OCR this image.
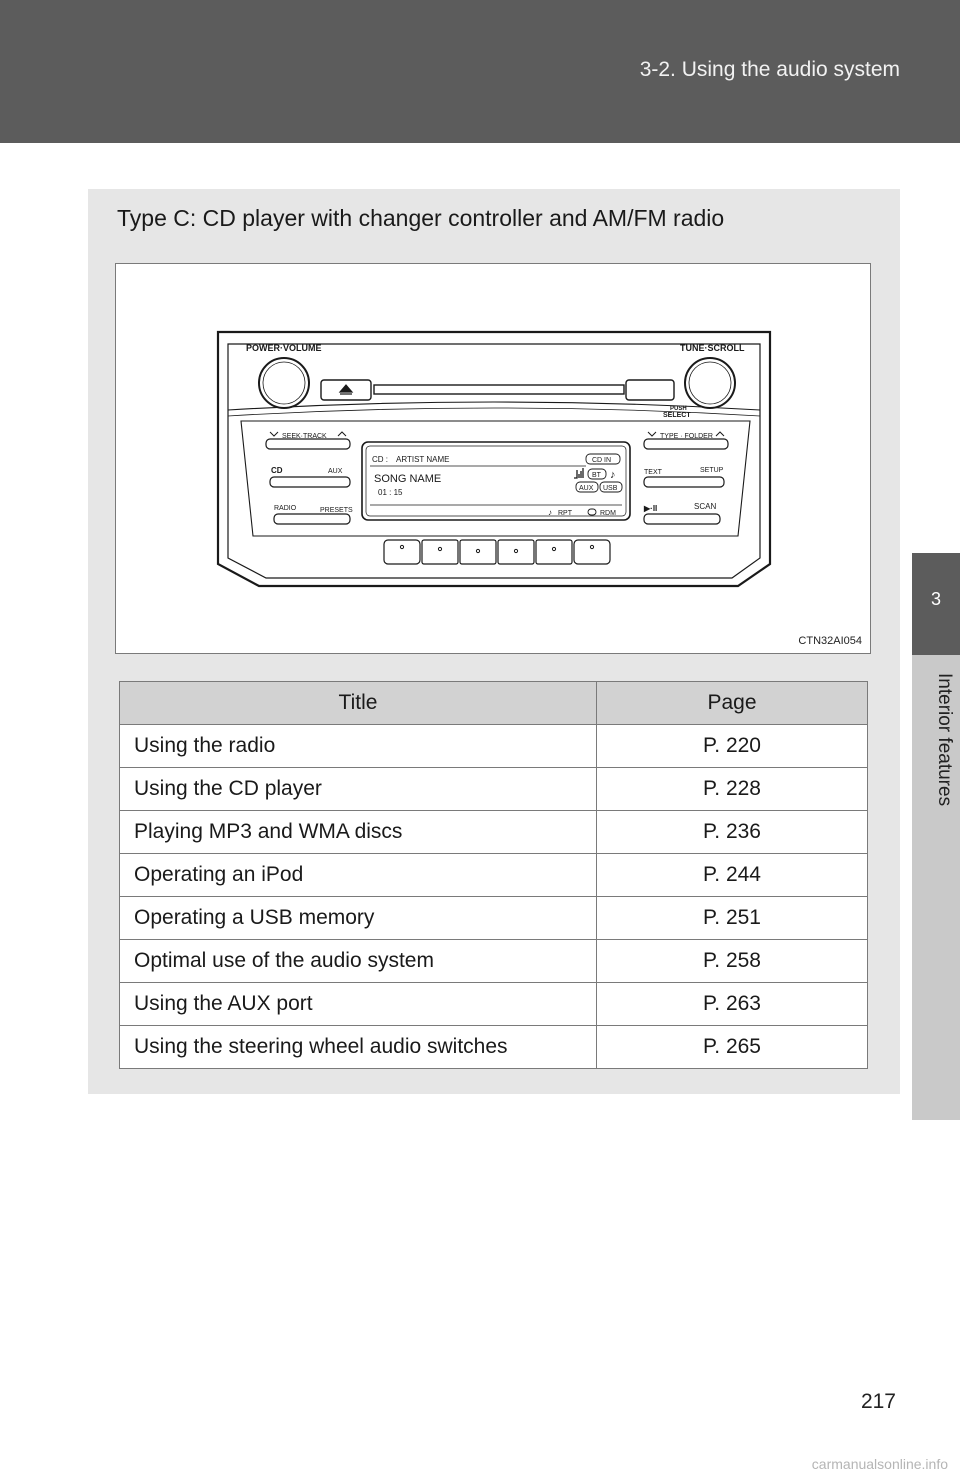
3-2. Using the audio system
3
Interior features
Type C: CD player with changer controller and AM/FM radio
POWER·VOLUME	TUNE·SCROLL
PUSH
SELECT
SEEK·TRACK
CD	AUX
RADIO	PRESETS
TYPE · FOLDER
TEXT	SETUP
▶·II	SCAN
CD : ARTIST NAME
SONG NAME
01 : 15
CD IN
BT ♪
AUX USB
♪ RPT	RDM
CTN32AI054
Title	Page
Using the radio	P. 220
Using the CD player	P. 228
Playing MP3 and WMA discs	P. 236
Operating an iPod	P. 244
Operating a USB memory	P. 251
Optimal use of the audio system	P. 258
Using the AUX port	P. 263
Using the steering wheel audio switches	P. 265
217
carmanualsonline.info
